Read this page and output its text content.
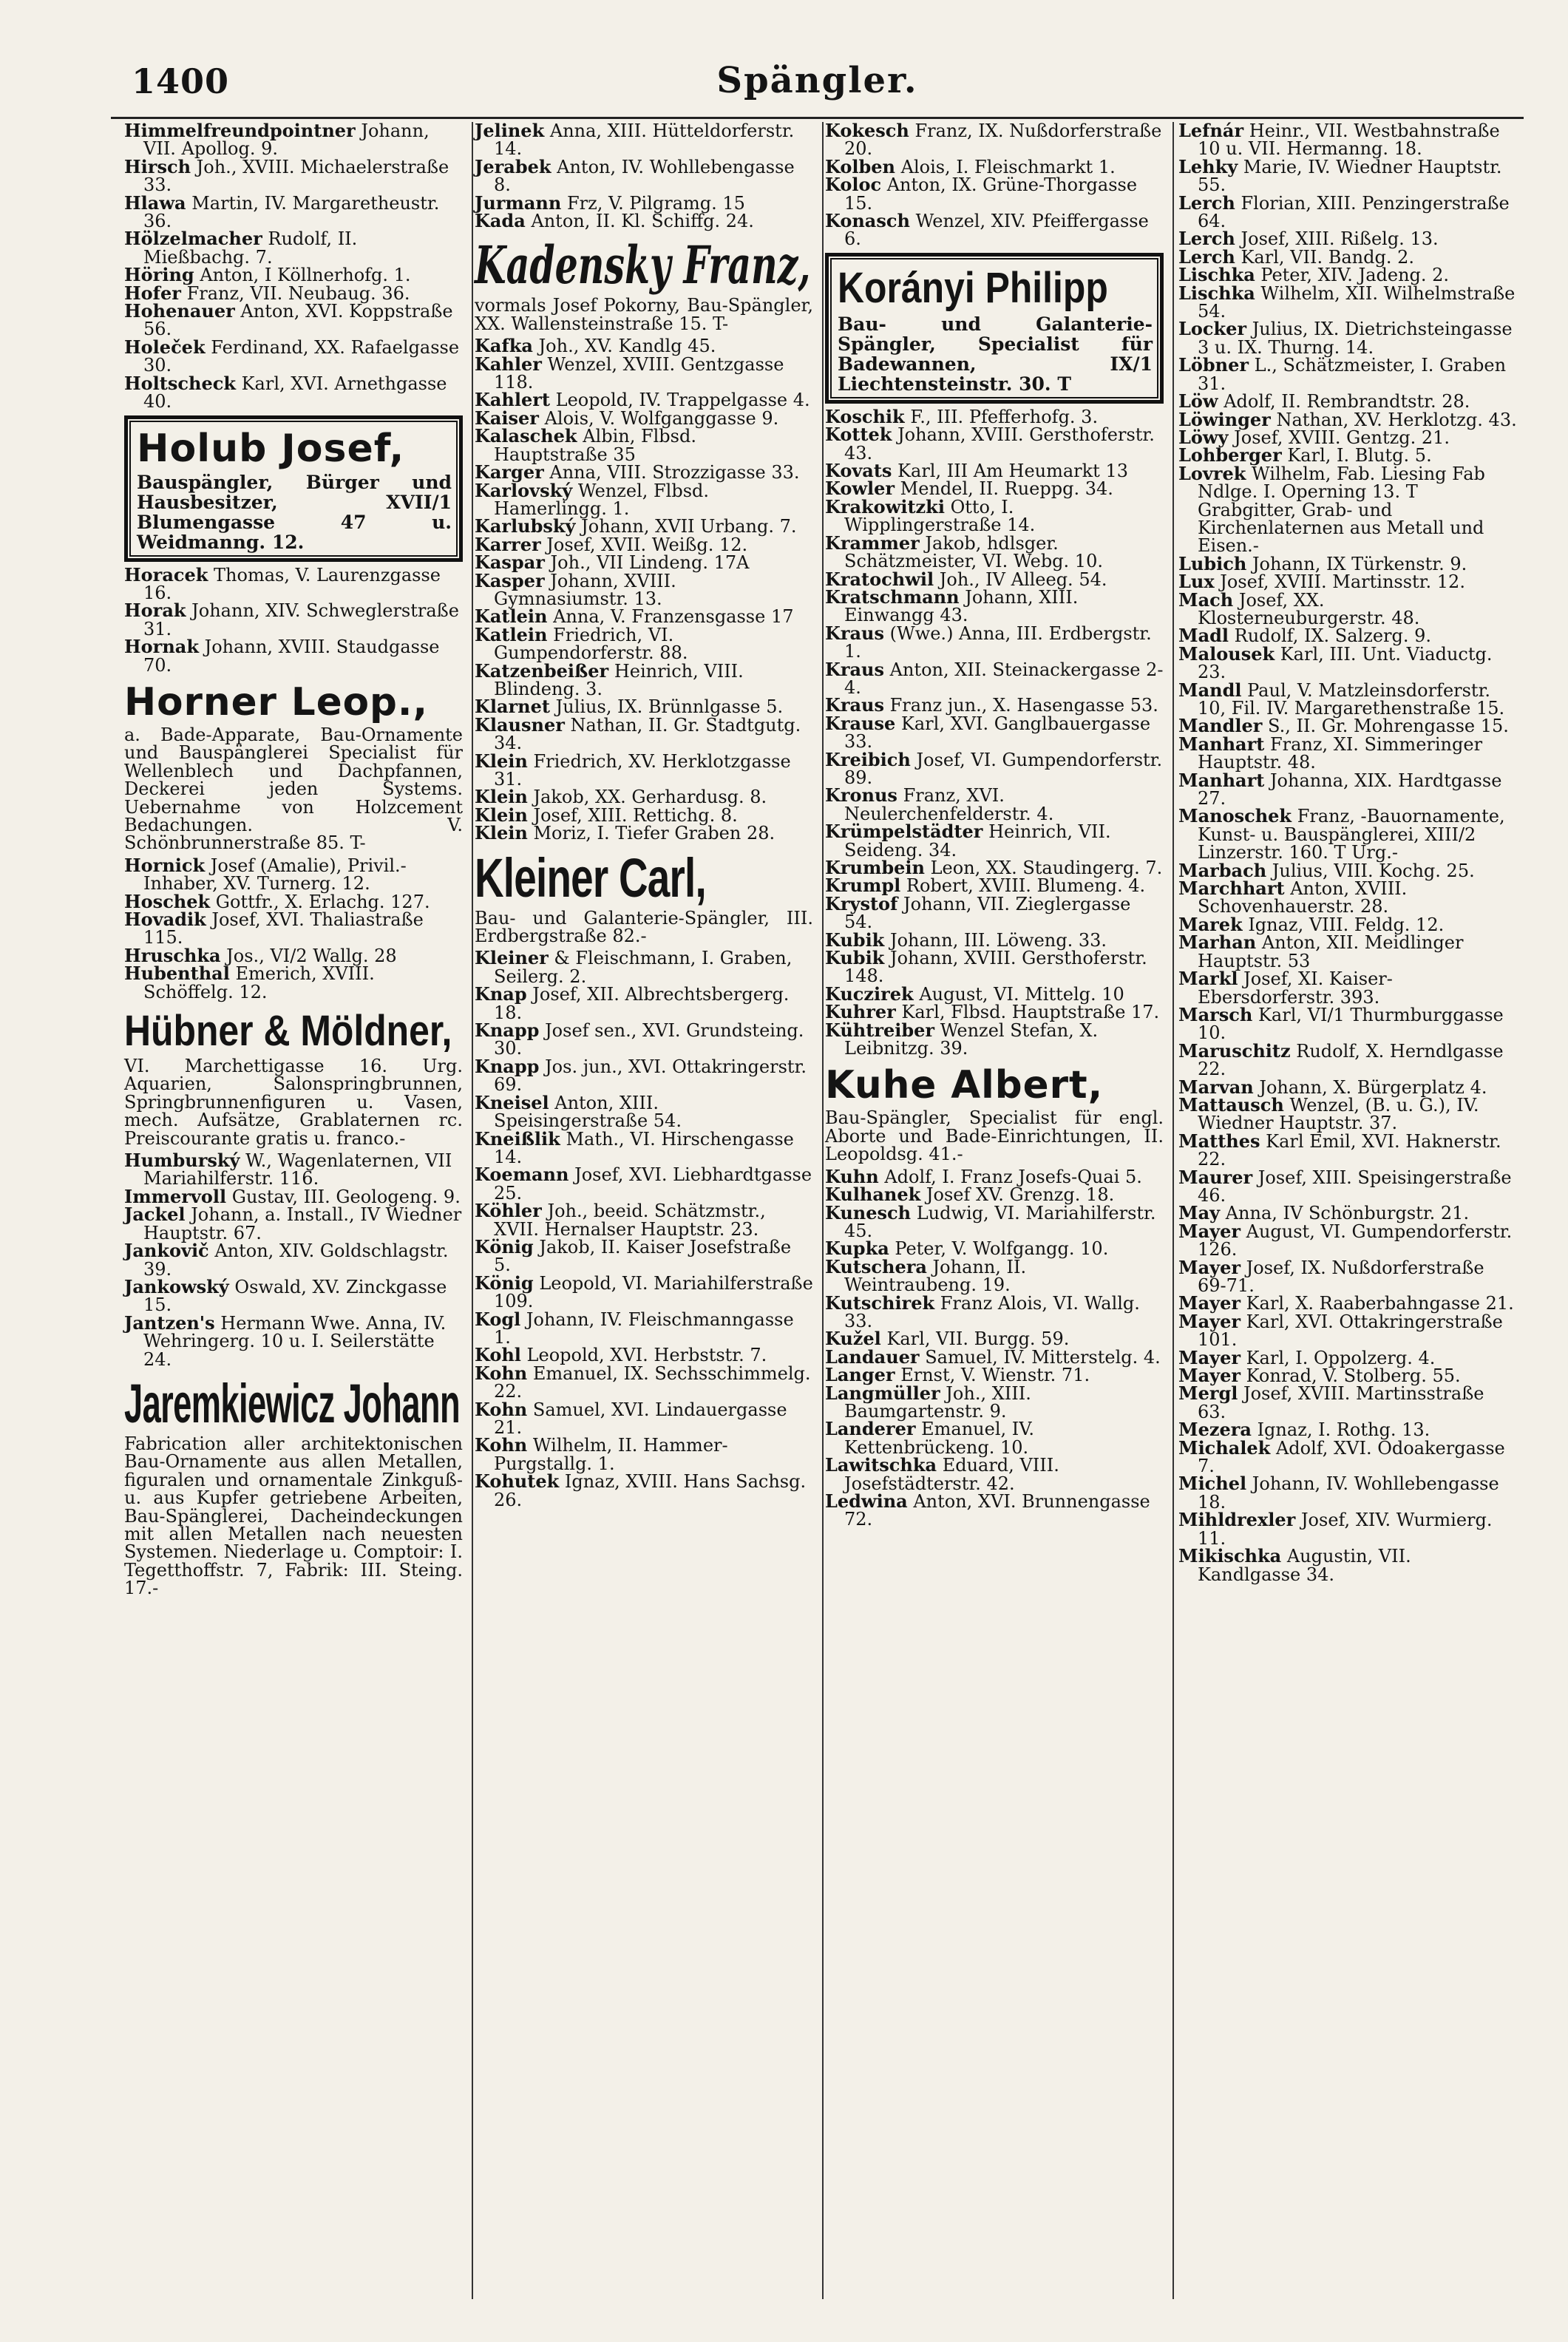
1400	Spängler.

Himmelfreundpointner Johann, VII. Apollog. 9.

Hirsch Joh., XVIII. Michaelerstraße 33.

Hlawa Martin, IV. Margaretheustr. 36.

Hölzelmacher Rudolf, II. Mießbachg. 7.

Höring Anton, I Köllnerhofg. 1.

Hofer Franz, VII. Neubaug. 36.

Hohenauer Anton, XVI. Koppstraße 56.

Holeček Ferdinand, XX. Rafaelgasse 30.

Holtscheck Karl, XVI. Arnethgasse 40.

Holub Josef,
Bauspängler, Bürger und Hausbesitzer, XVII/1 Blumengasse 47 u. Weidmanng. 12.

Horacek Thomas, V. Laurenzgasse 16.

Horak Johann, XIV. Schweglerstraße 31.

Hornak Johann, XVIII. Staudgasse 70.

Horner Leop.,
a. Bade-Apparate, Bau-Ornamente und Bauspänglerei Specialist für Wellenblech und Dachpfannen, Deckerei jeden Systems. Uebernahme von Holzcement Bedachungen. V. Schönbrunnerstraße 85. T-

Hornick Josef (Amalie), Privil.-Inhaber, XV. Turnerg. 12.

Hoschek Gottfr., X. Erlachg. 127.

Hovadik Josef, XVI. Thaliastraße 115.

Hruschka Jos., VI/2 Wallg. 28

Hubenthal Emerich, XVIII. Schöffelg. 12.

Hübner & Möldner,
VI. Marchettigasse 16. Urg. Aquarien, Salonspringbrunnen, Springbrunnenfiguren u. Vasen, mech. Aufsätze, Grablaternen rc. Preiscourante gratis u. franco.-

Humburský W., Wagenlaternen, VII Mariahilferstr. 116.

Immervoll Gustav, III. Geologeng. 9.

Jackel Johann, a. Install., IV Wiedner Hauptstr. 67.

Jankovič Anton, XIV. Goldschlagstr. 39.

Jankowský Oswald, XV. Zinckgasse 15.

Jantzen's Hermann Wwe. Anna, IV. Wehringerg. 10 u. I. Seilerstätte 24.

Jaremkiewicz Johann
Fabrication aller architektonischen Bau-Ornamente aus allen Metallen, figuralen und ornamentale Zinkguß- u. aus Kupfer getriebene Arbeiten, Bau-Spänglerei, Dacheindeckungen mit allen Metallen nach neuesten Systemen. Niederlage u. Comptoir: I. Tegetthoffstr. 7, Fabrik: III. Steing. 17.-

Jelinek Anna, XIII. Hütteldorferstr. 14.

Jerabek Anton, IV. Wohllebengasse 8.

Jurmann Frz, V. Pilgramg. 15

Kada Anton, II. Kl. Schiffg. 24.

Kadensky Franz,
vormals Josef Pokorny, Bau-Spängler, XX. Wallensteinstraße 15. T-

Kafka Joh., XV. Kandlg 45.

Kahler Wenzel, XVIII. Gentzgasse 118.

Kahlert Leopold, IV. Trappelgasse 4.

Kaiser Alois, V. Wolfganggasse 9.

Kalaschek Albin, Flbsd. Hauptstraße 35

Karger Anna, VIII. Strozzigasse 33.

Karlovský Wenzel, Flbsd. Hamerlingg. 1.

Karlubský Johann, XVII Urbang. 7.

Karrer Josef, XVII. Weißg. 12.

Kaspar Joh., VII Lindeng. 17A

Kasper Johann, XVIII. Gymnasiumstr. 13.

Katlein Anna, V. Franzensgasse 17

Katlein Friedrich, VI. Gumpendorferstr. 88.

Katzenbeißer Heinrich, VIII. Blindeng. 3.

Klarnet Julius, IX. Brünnlgasse 5.

Klausner Nathan, II. Gr. Stadtgutg. 34.

Klein Friedrich, XV. Herklotzgasse 31.

Klein Jakob, XX. Gerhardusg. 8.

Klein Josef, XIII. Rettichg. 8.

Klein Moriz, I. Tiefer Graben 28.

Kleiner Carl,
Bau- und Galanterie-Spängler, III. Erdbergstraße 82.-

Kleiner & Fleischmann, I. Graben, Seilerg. 2.

Knap Josef, XII. Albrechtsbergerg. 18.

Knapp Josef sen., XVI. Grundsteing. 30.

Knapp Jos. jun., XVI. Ottakringerstr. 69.

Kneisel Anton, XIII. Speisingerstraße 54.

Kneißlik Math., VI. Hirschengasse 14.

Koemann Josef, XVI. Liebhardtgasse 25.

Köhler Joh., beeid. Schätzmstr., XVII. Hernalser Hauptstr. 23.

König Jakob, II. Kaiser Josefstraße 5.

König Leopold, VI. Mariahilferstraße 109.

Kogl Johann, IV. Fleischmanngasse 1.

Kohl Leopold, XVI. Herbststr. 7.

Kohn Emanuel, IX. Sechsschimmelg. 22.

Kohn Samuel, XVI. Lindauergasse 21.

Kohn Wilhelm, II. Hammer-Purgstallg. 1.

Kohutek Ignaz, XVIII. Hans Sachsg. 26.

Kokesch Franz, IX. Nußdorferstraße 20.

Kolben Alois, I. Fleischmarkt 1.

Koloc Anton, IX. Grüne-Thorgasse 15.

Konasch Wenzel, XIV. Pfeiffergasse 6.

Korányi Philipp
Bau- und Galanterie-Spängler, Specialist für Badewannen, IX/1 Liechtensteinstr. 30. T

Koschik F., III. Pfefferhofg. 3.

Kottek Johann, XVIII. Gersthoferstr. 43.

Kovats Karl, III Am Heumarkt 13

Kowler Mendel, II. Rueppg. 34.

Krakowitzki Otto, I. Wipplingerstraße 14.

Krammer Jakob, hdlsger. Schätzmeister, VI. Webg. 10.

Kratochwil Joh., IV Alleeg. 54.

Kratschmann Johann, XIII. Einwangg 43.

Kraus (Wwe.) Anna, III. Erdbergstr. 1.

Kraus Anton, XII. Steinackergasse 2-4.

Kraus Franz jun., X. Hasengasse 53.

Krause Karl, XVI. Ganglbauergasse 33.

Kreibich Josef, VI. Gumpendorferstr. 89.

Kronus Franz, XVI. Neulerchenfelderstr. 4.

Krümpelstädter Heinrich, VII. Seideng. 34.

Krumbein Leon, XX. Staudingerg. 7.

Krumpl Robert, XVIII. Blumeng. 4.

Krystof Johann, VII. Zieglergasse 54.

Kubik Johann, III. Löweng. 33.

Kubik Johann, XVIII. Gersthoferstr. 148.

Kuczirek August, VI. Mittelg. 10

Kuhrer Karl, Flbsd. Hauptstraße 17.

Kühtreiber Wenzel Stefan, X. Leibnitzg. 39.

Kuhe Albert,
Bau-Spängler, Specialist für engl. Aborte und Bade-Einrichtungen, II. Leopoldsg. 41.-

Kuhn Adolf, I. Franz Josefs-Quai 5.

Kulhanek Josef XV. Grenzg. 18.

Kunesch Ludwig, VI. Mariahilferstr. 45.

Kupka Peter, V. Wolfgangg. 10.

Kutschera Johann, II. Weintraubeng. 19.

Kutschirek Franz Alois, VI. Wallg. 33.

Kužel Karl, VII. Burgg. 59.

Landauer Samuel, IV. Mitterstelg. 4.

Langer Ernst, V. Wienstr. 71.

Langmüller Joh., XIII. Baumgartenstr. 9.

Landerer Emanuel, IV. Kettenbrückeng. 10.

Lawitschka Eduard, VIII. Josefstädterstr. 42.

Ledwina Anton, XVI. Brunnengasse 72.

Lefnár Heinr., VII. Westbahnstraße 10 u. VII. Hermanng. 18.

Lehky Marie, IV. Wiedner Hauptstr. 55.

Lerch Florian, XIII. Penzingerstraße 64.

Lerch Josef, XIII. Rißelg. 13.

Lerch Karl, VII. Bandg. 2.

Lischka Peter, XIV. Jadeng. 2.

Lischka Wilhelm, XII. Wilhelmstraße 54.

Locker Julius, IX. Dietrichsteingasse 3 u. IX. Thurng. 14.

Löbner L., Schätzmeister, I. Graben 31.

Löw Adolf, II. Rembrandtstr. 28.

Löwinger Nathan, XV. Herklotzg. 43.

Löwy Josef, XVIII. Gentzg. 21.

Lohberger Karl, I. Blutg. 5.

Lovrek Wilhelm, Fab. Liesing Fab Ndlge. I. Operning 13. T Grabgitter, Grab- und Kirchenlaternen aus Metall und Eisen.-

Lubich Johann, IX Türkenstr. 9.

Lux Josef, XVIII. Martinsstr. 12.

Mach Josef, XX. Klosterneuburgerstr. 48.

Madl Rudolf, IX. Salzerg. 9.

Malousek Karl, III. Unt. Viaductg. 23.

Mandl Paul, V. Matzleinsdorferstr. 10, Fil. IV. Margarethenstraße 15.

Mandler S., II. Gr. Mohrengasse 15.

Manhart Franz, XI. Simmeringer Hauptstr. 48.

Manhart Johanna, XIX. Hardtgasse 27.

Manoschek Franz, -Bauornamente, Kunst- u. Bauspänglerei, XIII/2 Linzerstr. 160. T Urg.-

Marbach Julius, VIII. Kochg. 25.

Marchhart Anton, XVIII. Schovenhauerstr. 28.

Marek Ignaz, VIII. Feldg. 12.

Marhan Anton, XII. Meidlinger Hauptstr. 53

Markl Josef, XI. Kaiser-Ebersdorferstr. 393.

Marsch Karl, VI/1 Thurmburggasse 10.

Maruschitz Rudolf, X. Herndlgasse 22.

Marvan Johann, X. Bürgerplatz 4.

Mattausch Wenzel, (B. u. G.), IV. Wiedner Hauptstr. 37.

Matthes Karl Emil, XVI. Haknerstr. 22.

Maurer Josef, XIII. Speisingerstraße 46.

May Anna, IV Schönburgstr. 21.

Mayer August, VI. Gumpendorferstr. 126.

Mayer Josef, IX. Nußdorferstraße 69-71.

Mayer Karl, X. Raaberbahngasse 21.

Mayer Karl, XVI. Ottakringerstraße 101.

Mayer Karl, I. Oppolzerg. 4.

Mayer Konrad, V. Stolberg. 55.

Mergl Josef, XVIII. Martinsstraße 63.

Mezera Ignaz, I. Rothg. 13.

Michalek Adolf, XVI. Odoakergasse 7.

Michel Johann, IV. Wohllebengasse 18.

Mihldrexler Josef, XIV. Wurmierg. 11.

Mikischka Augustin, VII. Kandlgasse 34.
